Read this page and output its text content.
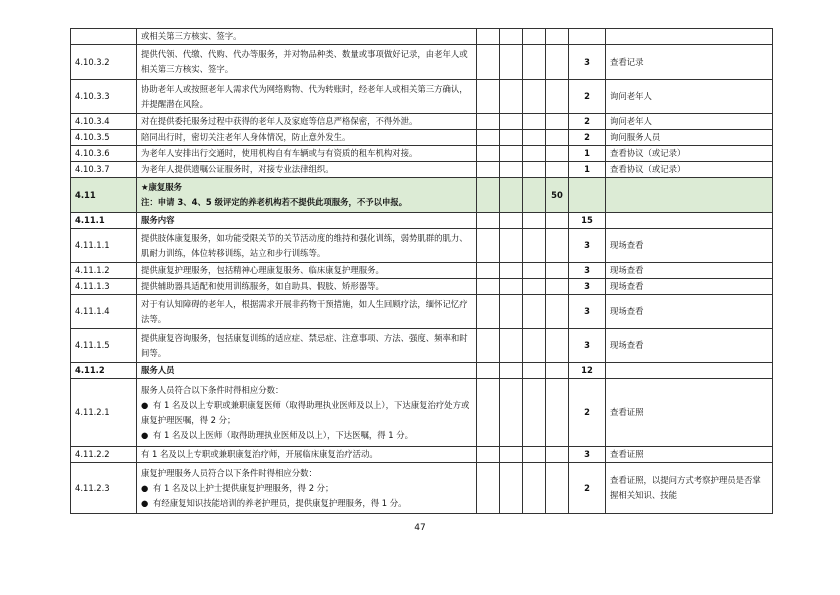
	或相关第三方核实、签字。						
4.10.3.2	提供代领、代缴、代购、代办等服务，并对物品种类、数量或事项做好记录，由老年人或相关第三方核实、签字。					3	查看记录
4.10.3.3	协助老年人或按照老年人需求代为网络购物、代为转账时，经老年人或相关第三方确认，并提醒潜在风险。					2	询问老年人
4.10.3.4	对在提供委托服务过程中获得的老年人及家庭等信息严格保密，不得外泄。					2	询问老年人
4.10.3.5	陪同出行时，密切关注老年人身体情况，防止意外发生。					2	询问服务人员
4.10.3.6	为老年人安排出行交通时，使用机构自有车辆或与有资质的租车机构对接。					1	查看协议（或记录）
4.10.3.7	为老年人提供遗嘱公证服务时，对接专业法律组织。					1	查看协议（或记录）
4.11	★康复服务
注：申请 3、4、5 级评定的养老机构若不提供此项服务，不予以申报。				50		
4.11.1	服务内容					15	
4.11.1.1	提供肢体康复服务，如功能受限关节的关节活动度的维持和强化训练，弱势肌群的肌力、肌耐力训练，体位转移训练，站立和步行训练等。					3	现场查看
4.11.1.2	提供康复护理服务，包括精神心理康复服务、临床康复护理服务。					3	现场查看
4.11.1.3	提供辅助器具适配和使用训练服务，如自助具、假肢、矫形器等。					3	现场查看
4.11.1.4	对于有认知障碍的老年人，根据需求开展非药物干预措施，如人生回顾疗法，缅怀记忆疗法等。					3	现场查看
4.11.1.5	提供康复咨询服务，包括康复训练的适应症、禁忌症、注意事项、方法、强度、频率和时间等。					3	现场查看
4.11.2	服务人员					12	
4.11.2.1	服务人员符合以下条件时得相应分数：
● 有 1 名及以上专职或兼职康复医师（取得助理执业医师及以上），下达康复治疗处方或康复护理医嘱，得 2 分；
● 有 1 名及以上医师（取得助理执业医师及以上），下达医嘱，得 1 分。					2	查看证照
4.11.2.2	有 1 名及以上专职或兼职康复治疗师，开展临床康复治疗活动。					3	查看证照
4.11.2.3	康复护理服务人员符合以下条件时得相应分数：
● 有 1 名及以上护士提供康复护理服务，得 2 分；
● 有经康复知识技能培训的养老护理员，提供康复护理服务，得 1 分。					2	查看证照，以提问方式考察护理员是否掌握相关知识、技能
47
